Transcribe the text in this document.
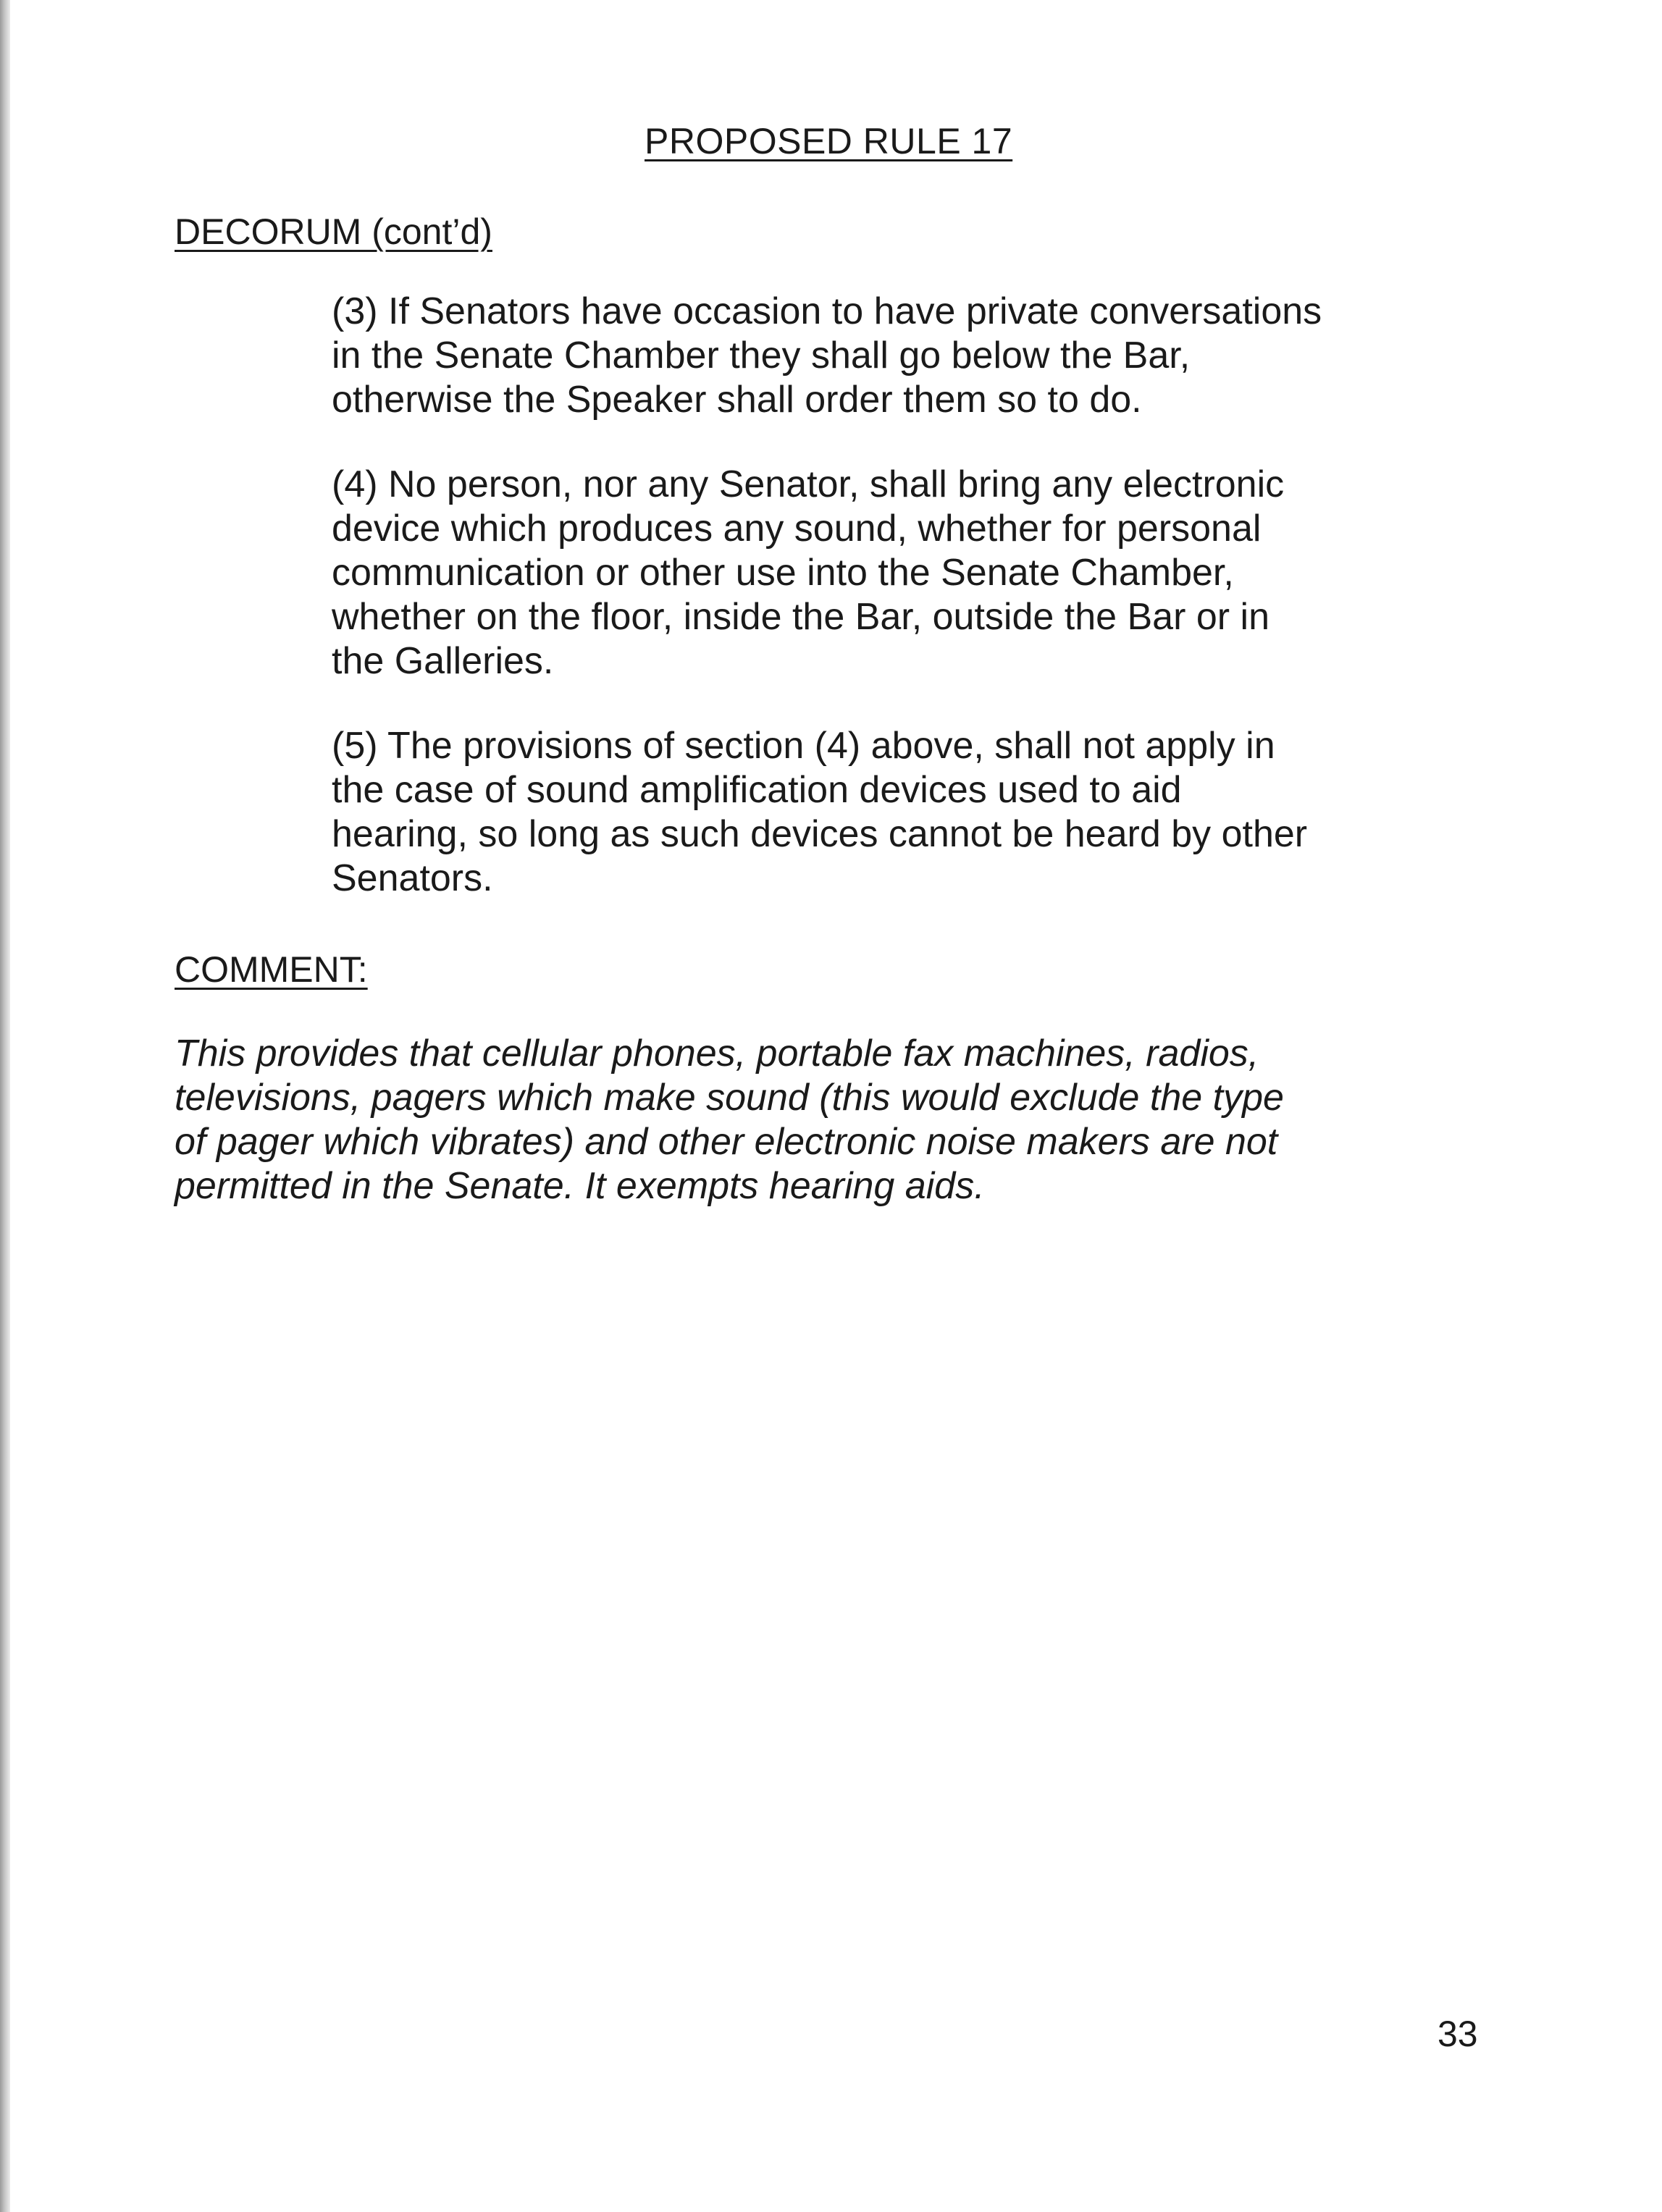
PROPOSED RULE 17
DECORUM (cont’d)

(3) If Senators have occasion to have private conversations
in the Senate Chamber they shall go below the Bar,
otherwise the Speaker shall order them so to do.

(4) No person, nor any Senator, shall bring any electronic
device which produces any sound, whether for personal
communication or other use into the Senate Chamber,
whether on the floor, inside the Bar, outside the Bar or in
the Galleries.

(5) The provisions of section (4) above, shall not apply in
the case of sound amplification devices used to aid
hearing, so long as such devices cannot be heard by other
Senators.

COMMENT:
This provides that cellular phones, portable fax machines, radios,
televisions, pagers which make sound (this would exclude the type
of pager which vibrates) and other electronic noise makers are not
permitted in the Senate. It exempts hearing aids.
33
